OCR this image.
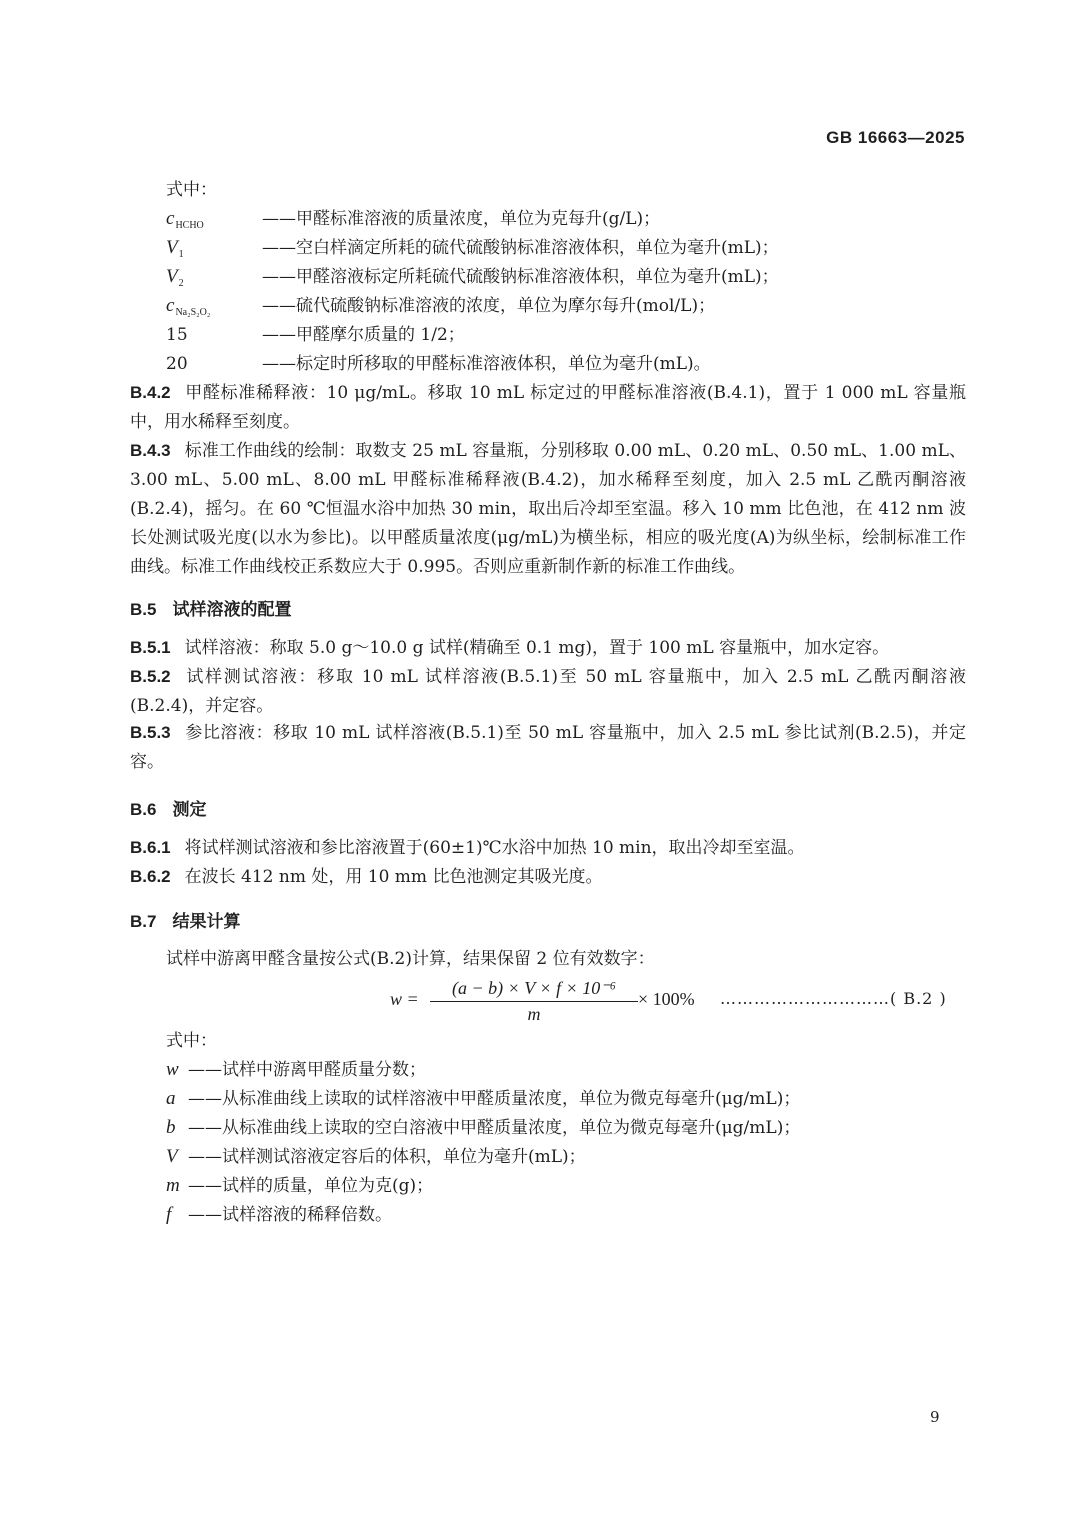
GB 16663—2025
式中：
$c_{HCHO}$	——甲醛标准溶液的质量浓度，单位为克每升(g/L)；
$V_1$	——空白样滴定所耗的硫代硫酸钠标准溶液体积，单位为毫升(mL)；
$V_2$	——甲醛溶液标定所耗硫代硫酸钠标准溶液体积，单位为毫升(mL)；
$c_{Na_2S_2O_2}$	——硫代硫酸钠标准溶液的浓度，单位为摩尔每升(mol/L)；
15	——甲醛摩尔质量的 1/2；
20	——标定时所移取的甲醛标准溶液体积，单位为毫升(mL)。
B.4.2 甲醛标准稀释液：10 μg/mL。移取 10 mL 标定过的甲醛标准溶液(B.4.1)，置于 1 000 mL 容量瓶中，用水稀释至刻度。
B.4.3 标准工作曲线的绘制：取数支 25 mL 容量瓶，分别移取 0.00 mL、0.20 mL、0.50 mL、1.00 mL、3.00 mL、5.00 mL、8.00 mL 甲醛标准稀释液(B.4.2)，加水稀释至刻度，加入 2.5 mL 乙酰丙酮溶液(B.2.4)，摇匀。在 60 ℃恒温水浴中加热 30 min，取出后冷却至室温。移入 10 mm 比色池，在 412 nm 波长处测试吸光度(以水为参比)。以甲醛质量浓度(μg/mL)为横坐标，相应的吸光度(A)为纵坐标，绘制标准工作曲线。标准工作曲线校正系数应大于 0.995。否则应重新制作新的标准工作曲线。
B.5 试样溶液的配置
B.5.1 试样溶液：称取 5.0 g～10.0 g 试样(精确至 0.1 mg)，置于 100 mL 容量瓶中，加水定容。
B.5.2 试样测试溶液：移取 10 mL 试样溶液(B.5.1)至 50 mL 容量瓶中，加入 2.5 mL 乙酰丙酮溶液(B.2.4)，并定容。
B.5.3 参比溶液：移取 10 mL 试样溶液(B.5.1)至 50 mL 容量瓶中，加入 2.5 mL 参比试剂(B.2.5)，并定容。
B.6 测定
B.6.1 将试样测试溶液和参比溶液置于(60±1)℃水浴中加热 10 min，取出冷却至室温。
B.6.2 在波长 412 nm 处，用 10 mm 比色池测定其吸光度。
B.7 结果计算
试样中游离甲醛含量按公式(B.2)计算，结果保留 2 位有效数字：
$w = \frac{\text{(a − b) × V × f × 10⁻⁶}}{m} \times 100\%$ …………………………( B.2 )
式中：
w ——试样中游离甲醛质量分数；
a ——从标准曲线上读取的试样溶液中甲醛质量浓度，单位为微克每毫升(μg/mL)；
b ——从标准曲线上读取的空白溶液中甲醛质量浓度，单位为微克每毫升(μg/mL)；
V ——试样测试溶液定容后的体积，单位为毫升(mL)；
m ——试样的质量，单位为克(g)；
f ——试样溶液的稀释倍数。
9
